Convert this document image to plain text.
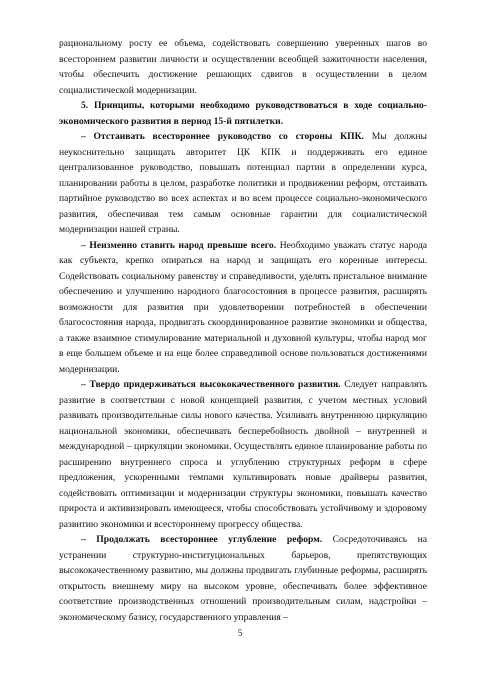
рациональному росту ее объема, содействовать совершению уверенных шагов во всестороннем развитии личности и осуществлении всеобщей зажиточности населения, чтобы обеспечить достижение решающих сдвигов в осуществлении в целом социалистической модернизации.

5. Принципы, которыми необходимо руководствоваться в ходе социально-экономического развития в период 15-й пятилетки.

– Отстаивать всестороннее руководство со стороны КПК. Мы должны неукоснительно защищать авторитет ЦК КПК и поддерживать его единое централизованное руководство, повышать потенциал партии в определении курса, планировании работы в целом, разработке политики и продвижении реформ, отстаивать партийное руководство во всех аспектах и во всем процессе социально-экономического развития, обеспечивая тем самым основные гарантии для социалистической модернизации нашей страны.

– Неизменно ставить народ превыше всего. Необходимо уважать статус народа как субъекта, крепко опираться на народ и защищать его коренные интересы. Содействовать социальному равенству и справедливости, уделять пристальное внимание обеспечению и улучшению народного благосостояния в процессе развития, расширять возможности для развития при удовлетворении потребностей в обеспечении благосостояния народа, продвигать скоординированное развитие экономики и общества, а также взаимное стимулирование материальной и духовной культуры, чтобы народ мог в еще большем объеме и на еще более справедливой основе пользоваться достижениями модернизации.

– Твердо придерживаться высококачественного развития. Следует направлять развитие в соответствии с новой концепцией развития, с учетом местных условий развивать производительные силы нового качества. Усиливать внутреннюю циркуляцию национальной экономики, обеспечивать бесперебойность двойной – внутренней и международной – циркуляции экономики. Осуществлять единое планирование работы по расширению внутреннего спроса и углублению структурных реформ в сфере предложения, ускоренными темпами культивировать новые драйверы развития, содействовать оптимизации и модернизации структуры экономики, повышать качество прироста и активизировать имеющееся, чтобы способствовать устойчивому и здоровому развитию экономики и всестороннему прогрессу общества.

– Продолжать всестороннее углубление реформ. Сосредоточиваясь на устранении структурно-институциональных барьеров, препятствующих высококачественному развитию, мы должны продвигать глубинные реформы, расширять открытость внешнему миру на высоком уровне, обеспечивать более эффективное соответствие производственных отношений производительным силам, надстройки – экономическому базису, государственного управления –

5
